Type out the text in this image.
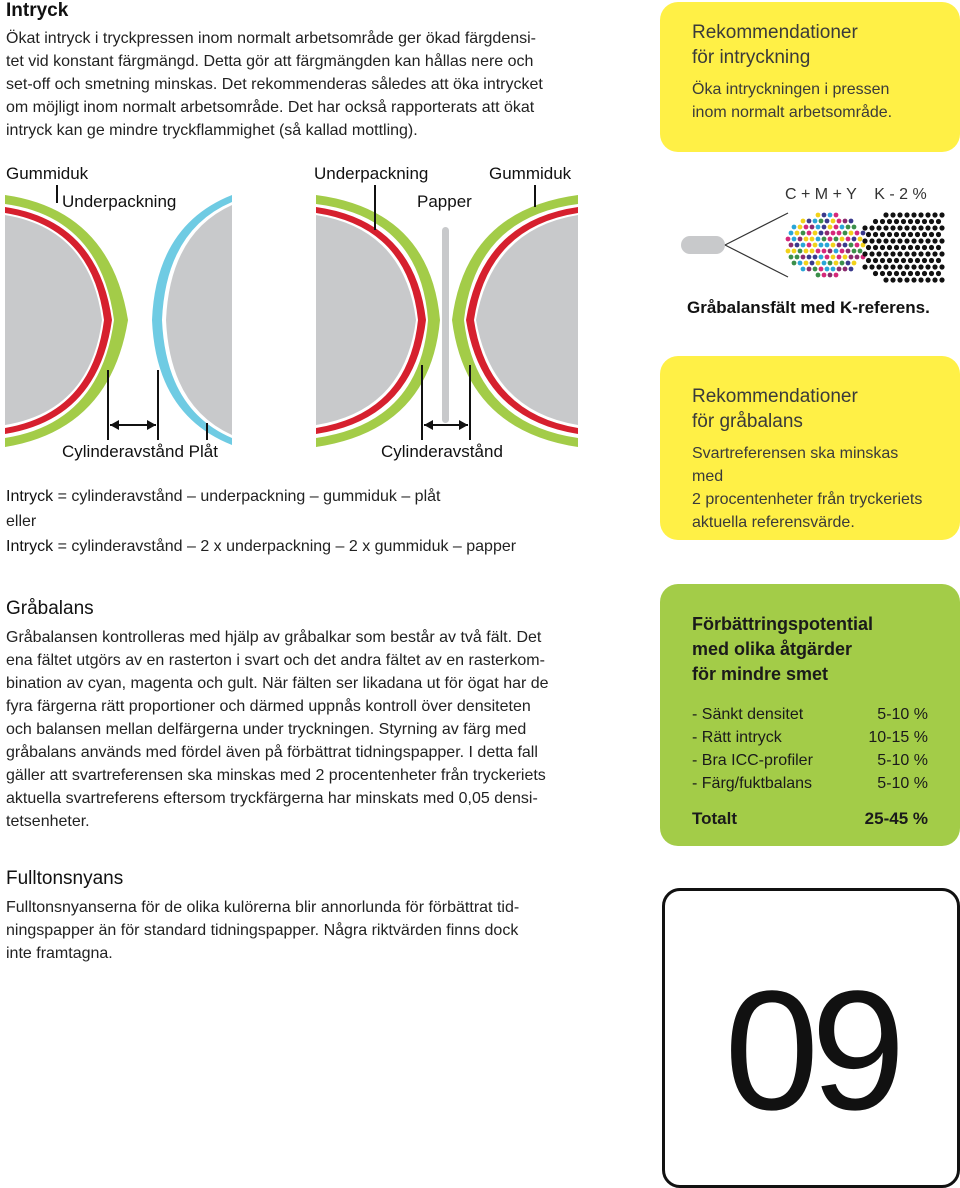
Intryck
Ökat intryck i tryckpressen inom normalt arbetsområde ger ökad färgdensi-
tet vid konstant färgmängd. Detta gör att färgmängden kan hållas nere och
set-off och smetning minskas. Det rekommenderas således att öka intrycket
om möjligt inom normalt arbetsområde. Det har också rapporterats att ökat
intryck kan ge mindre tryckflammighet (så kallad mottling).
Rekommendationer
för intryckning
Öka intryckningen i pressen
inom normalt arbetsområde.
Gummiduk
Underpackning
Underpackning	Gummiduk
Papper
Cylinderavstånd Plåt	Cylinderavstånd
Intryck = cylinderavstånd – underpackning – gummiduk – plåt
eller
Intryck = cylinderavstånd – 2 x underpackning – 2 x gummiduk – papper
C + M + Y    K - 2 %
Gråbalansfält med K-referens.
Rekommendationer
för gråbalans
Svartreferensen ska minskas med
2 procentenheter från tryckeriets
aktuella referensvärde.
Gråbalans
Gråbalansen kontrolleras med hjälp av gråbalkar som består av två fält. Det
ena fältet utgörs av en rasterton i svart och det andra fältet av en rasterkom-
bination av cyan, magenta och gult. När fälten ser likadana ut för ögat har de
fyra färgerna rätt proportioner och därmed uppnås kontroll över densiteten
och balansen mellan delfärgerna under tryckningen. Styrning av färg med
gråbalans används med fördel även på förbättrat tidningspapper. I detta fall
gäller att svartreferensen ska minskas med 2 procentenheter från tryckeriets
aktuella svartreferens eftersom tryckfärgerna har minskats med 0,05 densi-
tetsenheter.
Förbättringspotential
med olika åtgärder
för mindre smet
- Sänkt densitet	5-10 %
- Rätt intryck	10-15 %
- Bra ICC-profiler	5-10 %
- Färg/fuktbalans	5-10 %
Totalt	25-45 %
Fulltonsnyans
Fulltonsnyanserna för de olika kulörerna blir annorlunda för förbättrat tid-
ningspapper än för standard tidningspapper. Några riktvärden finns dock
inte framtagna.
09
